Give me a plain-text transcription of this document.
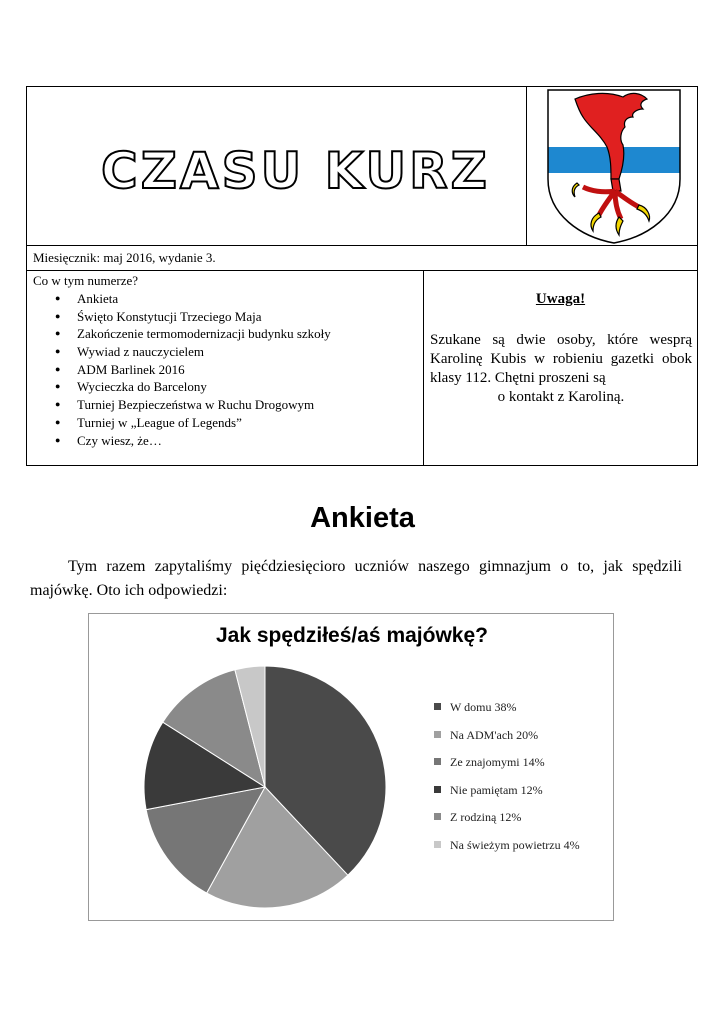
CZASU KURZ
Miesięcznik: maj 2016, wydanie 3.
Co w tym numerze?
● Ankieta
● Święto Konstytucji Trzeciego Maja
● Zakończenie termomodernizacji budynku szkoły
● Wywiad z nauczycielem
● ADM Barlinek 2016
● Wycieczka do Barcelony
● Turniej Bezpieczeństwa w Ruchu Drogowym
● Turniej w „League of Legends”
● Czy wiesz, że…
Uwaga!
Szukane są dwie osoby, które wesprą Karolinę Kubis w robieniu gazetki obok klasy 112. Chętni proszeni są
o kontakt z Karoliną.
Ankieta
Tym razem zapytaliśmy pięćdziesięcioro uczniów naszego gimnazjum o to, jak spędzili majówkę. Oto ich odpowiedzi:
Jak spędziłeś/aś majówkę?
W domu 38%
Na ADM'ach 20%
Ze znajomymi 14%
Nie pamiętam 12%
Z rodziną 12%
Na świeżym powietrzu 4%
